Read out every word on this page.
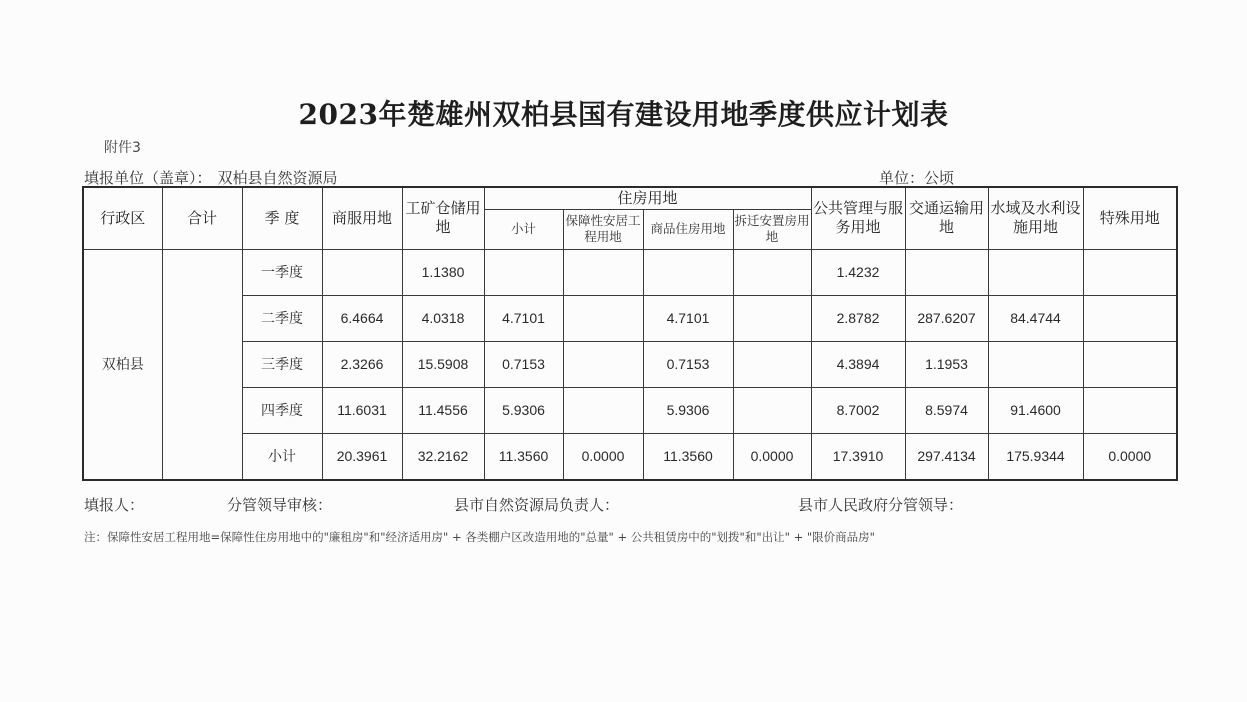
2023年楚雄州双柏县国有建设用地季度供应计划表
附件3
填报单位（盖章）： 双柏县自然资源局	单位：公顷
行政区	合计	季 度	商服用地	工矿仓储用地	住房用地				公共管理与服务用地	交通运输用地	水域及水利设施用地	特殊用地
					小计	保障性安居工程用地	商品住房用地	拆迁安置房用地				
双柏县		一季度		1.1380					1.4232			
		二季度	6.4664	4.0318	4.7101		4.7101		2.8782	287.6207	84.4744	
		三季度	2.3266	15.5908	0.7153		0.7153		4.3894	1.1953		
		四季度	11.6031	11.4556	5.9306		5.9306		8.7002	8.5974	91.4600	
		小计	20.3961	32.2162	11.3560	0.0000	11.3560	0.0000	17.3910	297.4134	175.9344	0.0000
填报人：	分管领导审核：	县市自然资源局负责人：	县市人民政府分管领导：
注：保障性安居工程用地=保障性住房用地中的"廉租房"和"经济适用房" + 各类棚户区改造用地的"总量" + 公共租赁房中的"划拨"和"出让" + "限价商品房"
